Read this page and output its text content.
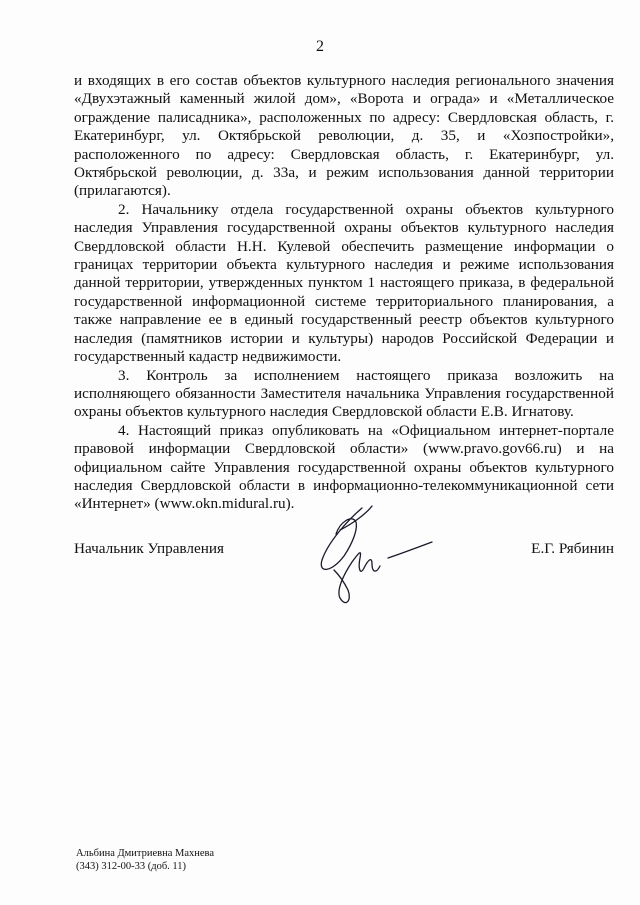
2

и входящих в его состав объектов культурного наследия регионального значения «Двухэтажный каменный жилой дом», «Ворота и ограда» и «Металлическое ограждение палисадника», расположенных по адресу: Свердловская область, г. Екатеринбург, ул. Октябрьской революции, д. 35, и «Хозпостройки», расположенного по адресу: Свердловская область, г. Екатеринбург, ул. Октябрьской революции, д. 33а, и режим использования данной территории (прилагаются).

2. Начальнику отдела государственной охраны объектов культурного наследия Управления государственной охраны объектов культурного наследия Свердловской области Н.Н. Кулевой обеспечить размещение информации о границах территории объекта культурного наследия и режиме использования данной территории, утвержденных пунктом 1 настоящего приказа, в федеральной государственной информационной системе территориального планирования, а также направление ее в единый государственный реестр объектов культурного наследия (памятников истории и культуры) народов Российской Федерации и государственный кадастр недвижимости.

3. Контроль за исполнением настоящего приказа возложить на исполняющего обязанности Заместителя начальника Управления государственной охраны объектов культурного наследия Свердловской области Е.В. Игнатову.

4. Настоящий приказ опубликовать на «Официальном интернет-портале правовой информации Свердловской области» (www.pravo.gov66.ru) и на официальном сайте Управления государственной охраны объектов культурного наследия Свердловской области в информационно-телекоммуникационной сети «Интернет» (www.okn.midural.ru).

Начальник Управления	Е.Г. Рябинин
Альбина Дмитриевна Махнева
(343) 312-00-33 (доб. 11)
